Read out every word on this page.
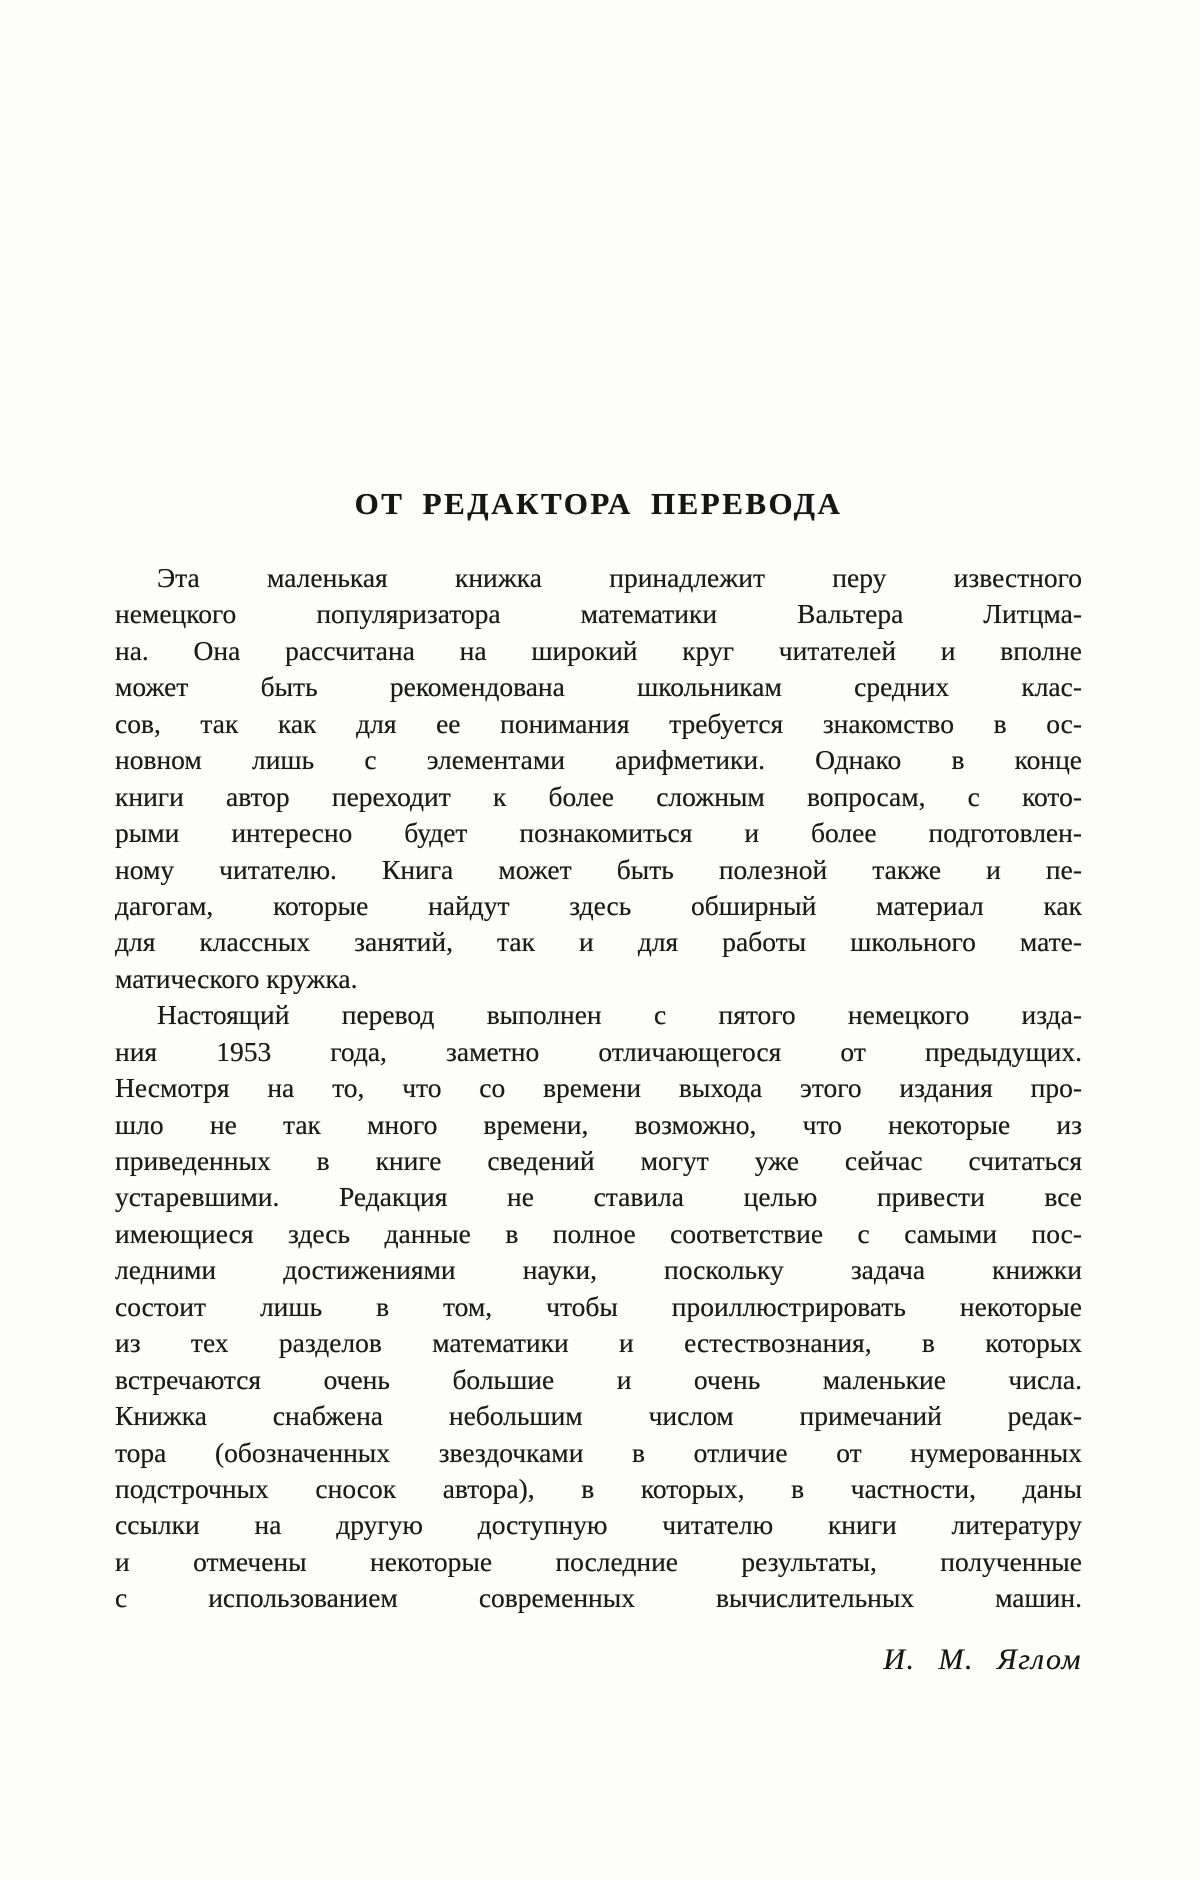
ОТ РЕДАКТОРА ПЕРЕВОДА
Эта маленькая книжка принадлежит перу известного
немецкого популяризатора математики Вальтера Литцма-
на. Она рассчитана на широкий круг читателей и вполне
может быть рекомендована школьникам средних клас-
сов, так как для ее понимания требуется знакомство в ос-
новном лишь с элементами арифметики. Однако в конце
книги автор переходит к более сложным вопросам, с кото-
рыми интересно будет познакомиться и более подготовлен-
ному читателю. Книга может быть полезной также и пе-
дагогам, которые найдут здесь обширный материал как
для классных занятий, так и для работы школьного мате-
матического кружка.
Настоящий перевод выполнен с пятого немецкого изда-
ния 1953 года, заметно отличающегося от предыдущих.
Несмотря на то, что со времени выхода этого издания про-
шло не так много времени, возможно, что некоторые из
приведенных в книге сведений могут уже сейчас считаться
устаревшими. Редакция не ставила целью привести все
имеющиеся здесь данные в полное соответствие с самыми пос-
ледними достижениями науки, поскольку задача книжки
состоит лишь в том, чтобы проиллюстрировать некоторые
из тех разделов математики и естествознания, в которых
встречаются очень большие и очень маленькие числа.
Книжка снабжена небольшим числом примечаний редак-
тора (обозначенных звездочками в отличие от нумерованных
подстрочных сносок автора), в которых, в частности, даны
ссылки на другую доступную читателю книги литературу
и отмечены некоторые последние результаты, полученные
с использованием современных вычислительных машин.
И. М. Яглом
